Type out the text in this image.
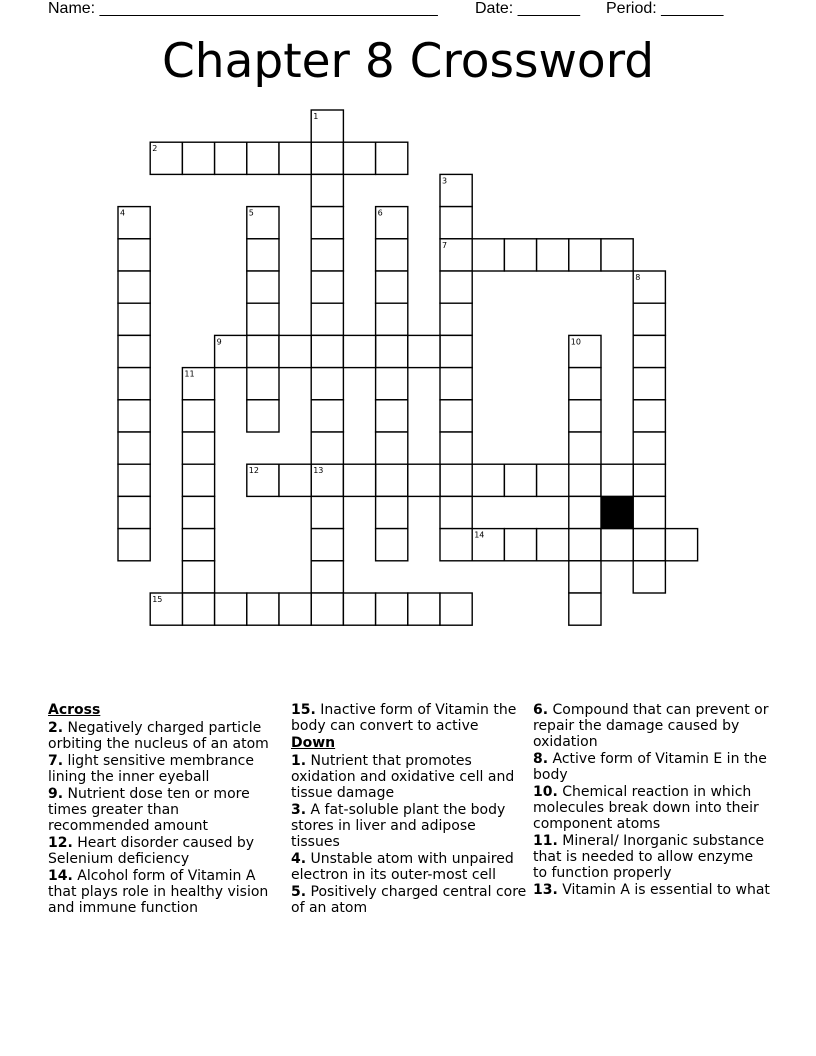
Name: ______________________________________ Date: _______ Period: _______
Chapter 8 Crossword
1
2
3
4	5	6
7
8
9	10
11
12	13
14
15
Across
2. Negatively charged particle orbiting the nucleus of an atom
7. light sensitive membrance lining the inner eyeball
9. Nutrient dose ten or more times greater than recommended amount
12. Heart disorder caused by Selenium deficiency
14. Alcohol form of Vitamin A that plays role in healthy vision and immune function
15. Inactive form of Vitamin the body can convert to active
Down
1. Nutrient that promotes oxidation and oxidative cell and tissue damage
3. A fat-soluble plant the body stores in liver and adipose tissues
4. Unstable atom with unpaired electron in its outer-most cell
5. Positively charged central core of an atom
6. Compound that can prevent or repair the damage caused by oxidation
8. Active form of Vitamin E in the body
10. Chemical reaction in which molecules break down into their component atoms
11. Mineral/ Inorganic substance that is needed to allow enzyme to function properly
13. Vitamin A is essential to what
